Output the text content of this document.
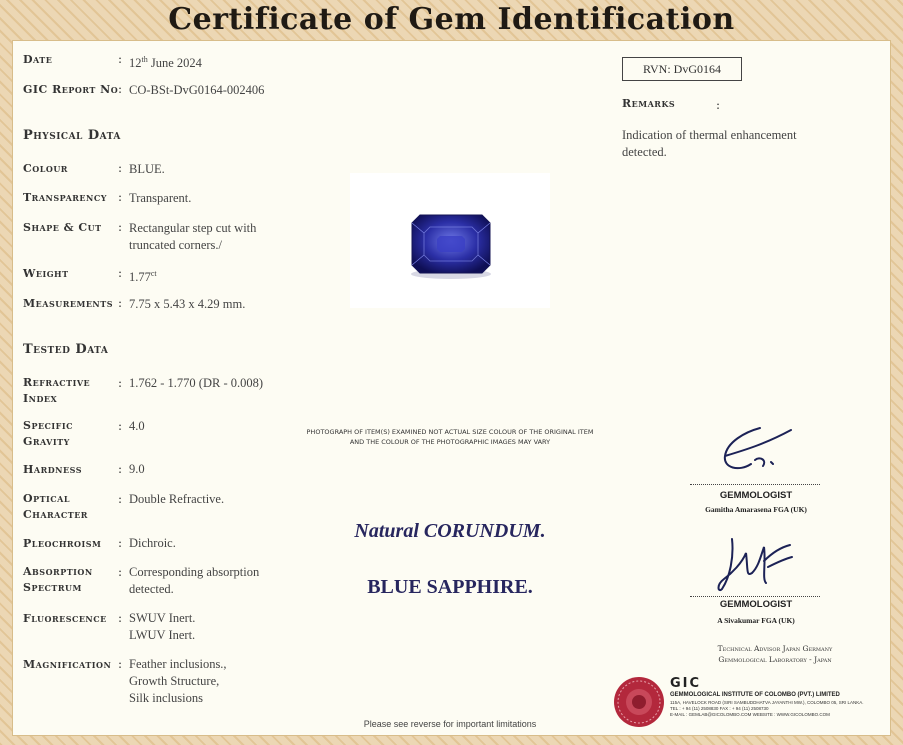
Certificate of Gem Identification
Date	: 12th June 2024
GIC Report No : CO-BSt-DvG0164-002406
Physical Data
Colour	: BLUE.
Transparency : Transparent.
Shape & Cut : Rectangular step cut with truncated corners./
Weight	: $1.77^{ct}$
Measurements : 7.75 x 5.43 x 4.29 mm.
Tested Data
Refractive
Index
: 1.762 - 1.770 (DR - 0.008)
Specific
Gravity
: 4.0
Hardness	: 9.0
Optical
Character
: Double Refractive.
Pleochroism : Dichroic.
Absorption
Spectrum
: Corresponding absorption
detected.
Fluorescence : SWUV Inert.
LWUV Inert.
Magnification : Feather inclusions.,
Growth Structure,
Silk inclusions
RVN: DvG0164
Remarks	:
Indication of thermal enhancement detected.
PHOTOGRAPH OF ITEM(S) EXAMINED NOT ACTUAL SIZE COLOUR OF THE ORIGINAL ITEM AND THE COLOUR OF THE PHOTOGRAPHIC IMAGES MAY VARY
Natural CORUNDUM.
BLUE SAPPHIRE.
GEMMOLOGIST
Gamitha Amarasena FGA (UK)
GEMMOLOGIST
A Sivakumar FGA (UK)
Technical Advisor Japan Germany
Gemmological Laboratory - Japan
GIC
GEMMOLOGICAL INSTITUTE OF COLOMBO (PVT.) LIMITED
115A, HAVELOCK ROAD (SIRI SAMBUDDHATVA JAYANTHI MW.), COLOMBO 05, SRI LANKA.
TEL : + 94 (11) 2508830 FAX : + 94 (11) 2508730
E-MAIL : GEMLAB@GICOLOMBO.COM WEBSITE : WWW.GICOLOMBO.COM
Please see reverse for important limitations
